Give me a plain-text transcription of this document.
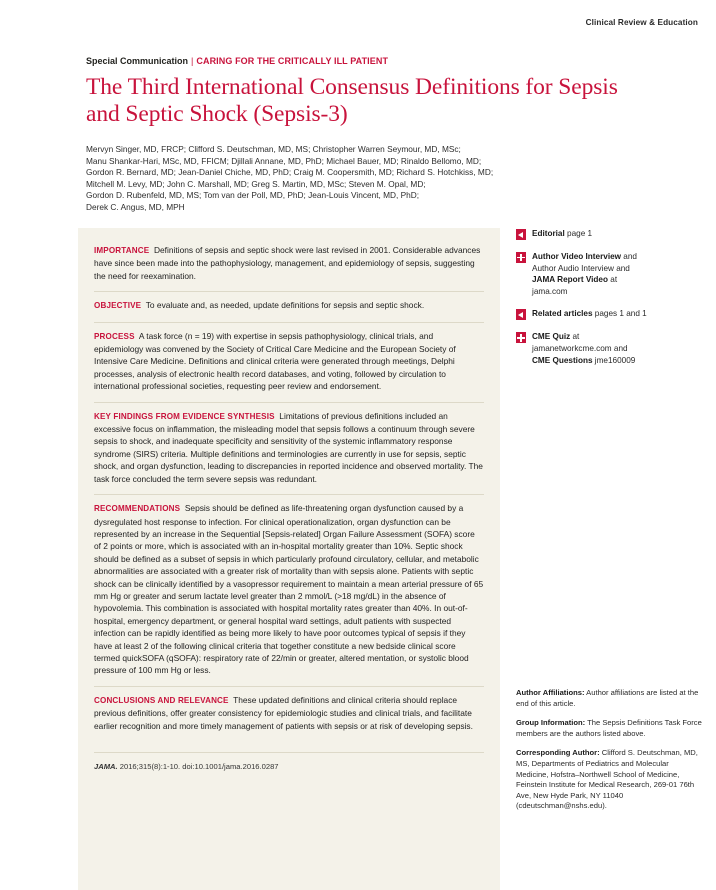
Clinical Review & Education
Special Communication | CARING FOR THE CRITICALLY ILL PATIENT
The Third International Consensus Definitions for Sepsis and Septic Shock (Sepsis-3)
Mervyn Singer, MD, FRCP; Clifford S. Deutschman, MD, MS; Christopher Warren Seymour, MD, MSc;
Manu Shankar-Hari, MSc, MD, FFICM; Djillali Annane, MD, PhD; Michael Bauer, MD; Rinaldo Bellomo, MD;
Gordon R. Bernard, MD; Jean-Daniel Chiche, MD, PhD; Craig M. Coopersmith, MD; Richard S. Hotchkiss, MD;
Mitchell M. Levy, MD; John C. Marshall, MD; Greg S. Martin, MD, MSc; Steven M. Opal, MD;
Gordon D. Rubenfeld, MD, MS; Tom van der Poll, MD, PhD; Jean-Louis Vincent, MD, PhD;
Derek C. Angus, MD, MPH

IMPORTANCE Definitions of sepsis and septic shock were last revised in 2001. Considerable advances have since been made into the pathophysiology, management, and epidemiology of sepsis, suggesting the need for reexamination.

OBJECTIVE To evaluate and, as needed, update definitions for sepsis and septic shock.

PROCESS A task force (n = 19) with expertise in sepsis pathophysiology, clinical trials, and epidemiology was convened by the Society of Critical Care Medicine and the European Society of Intensive Care Medicine. Definitions and clinical criteria were generated through meetings, Delphi processes, analysis of electronic health record databases, and voting, followed by circulation to international professional societies, requesting peer review and endorsement.

KEY FINDINGS FROM EVIDENCE SYNTHESIS Limitations of previous definitions included an excessive focus on inflammation, the misleading model that sepsis follows a continuum through severe sepsis to shock, and inadequate specificity and sensitivity of the systemic inflammatory response syndrome (SIRS) criteria. Multiple definitions and terminologies are currently in use for sepsis, septic shock, and organ dysfunction, leading to discrepancies in reported incidence and observed mortality. The task force concluded the term severe sepsis was redundant.

RECOMMENDATIONS Sepsis should be defined as life-threatening organ dysfunction caused by a dysregulated host response to infection. For clinical operationalization, organ dysfunction can be represented by an increase in the Sequential [Sepsis-related] Organ Failure Assessment (SOFA) score of 2 points or more, which is associated with an in-hospital mortality greater than 10%. Septic shock should be defined as a subset of sepsis in which particularly profound circulatory, cellular, and metabolic abnormalities are associated with a greater risk of mortality than with sepsis alone. Patients with septic shock can be clinically identified by a vasopressor requirement to maintain a mean arterial pressure of 65 mm Hg or greater and serum lactate level greater than 2 mmol/L (>18 mg/dL) in the absence of hypovolemia. This combination is associated with hospital mortality rates greater than 40%. In out-of-hospital, emergency department, or general hospital ward settings, adult patients with suspected infection can be rapidly identified as being more likely to have poor outcomes typical of sepsis if they have at least 2 of the following clinical criteria that together constitute a new bedside clinical score termed quickSOFA (qSOFA): respiratory rate of 22/min or greater, altered mentation, or systolic blood pressure of 100 mm Hg or less.

CONCLUSIONS AND RELEVANCE These updated definitions and clinical criteria should replace previous definitions, offer greater consistency for epidemiologic studies and clinical trials, and facilitate earlier recognition and more timely management of patients with sepsis or at risk of developing sepsis.

JAMA. 2016;315(8):1-10. doi:10.1001/jama.2016.0287
Editorial page 1
Author Video Interview and
Author Audio Interview and
JAMA Report Video at
jama.com
Related articles pages 1 and 1
CME Quiz at
jamanetworkcme.com and
CME Questions jme160009

Author Affiliations: Author affiliations are listed at the end of this article.

Group Information: The Sepsis Definitions Task Force members are the authors listed above.

Corresponding Author: Clifford S. Deutschman, MD, MS, Departments of Pediatrics and Molecular Medicine, Hofstra–Northwell School of Medicine, Feinstein Institute for Medical Research, 269-01 76th Ave, New Hyde Park, NY 11040 (cdeutschman@nshs.edu).
